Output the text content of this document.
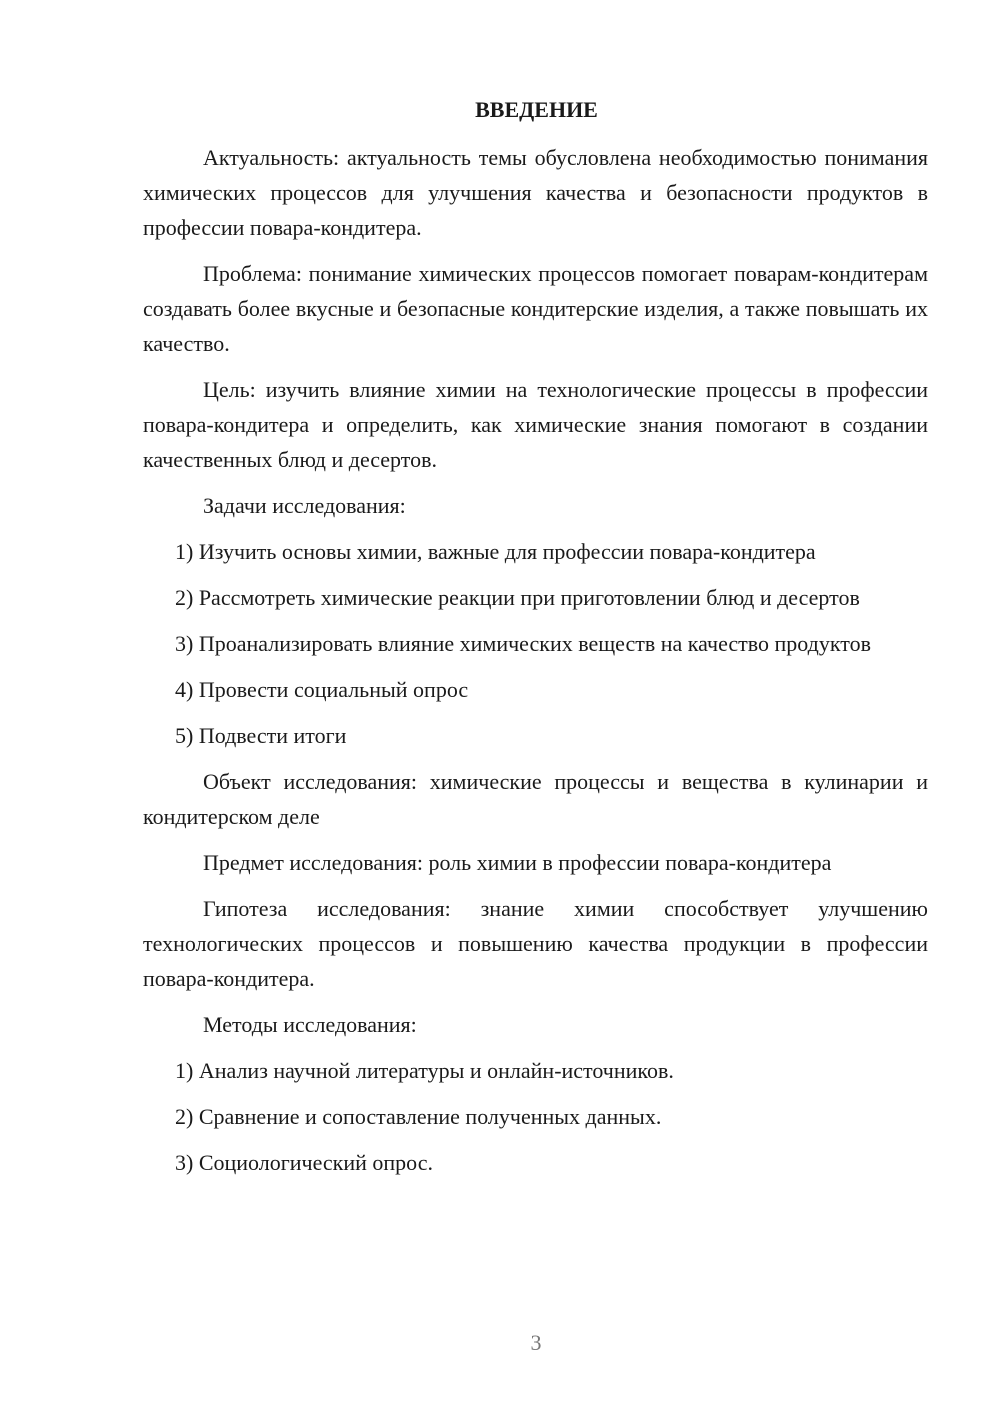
ВВЕДЕНИЕ

Актуальность: актуальность темы обусловлена необходимостью понимания химических процессов для улучшения качества и безопасности продуктов в профессии повара-кондитера.

Проблема: понимание химических процессов помогает поварам-кондитерам создавать более вкусные и безопасные кондитерские изделия, а также повышать их качество.

Цель: изучить влияние химии на технологические процессы в профессии повара-кондитера и определить, как химические знания помогают в создании качественных блюд и десертов.

Задачи исследования:

1) Изучить основы химии, важные для профессии повара-кондитера

2) Рассмотреть химические реакции при приготовлении блюд и десертов

3) Проанализировать влияние химических веществ на качество продуктов

4) Провести социальный опрос

5) Подвести итоги

Объект исследования: химические процессы и вещества в кулинарии и кондитерском деле

Предмет исследования: роль химии в профессии повара-кондитера

Гипотеза исследования: знание химии способствует улучшению технологических процессов и повышению качества продукции в профессии повара-кондитера.

Методы исследования:

1) Анализ научной литературы и онлайн-источников.

2) Сравнение и сопоставление полученных данных.

3) Социологический опрос.

3
